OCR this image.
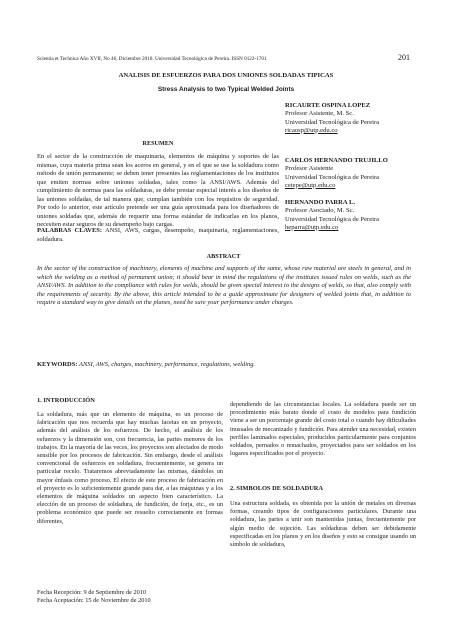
Scientia et Technica Año XVII, No 46, Diciembre 2010. Universidad Tecnológica de Pereira. ISSN 0122-1701	201
ANALISIS DE ESFUERZOS PARA DOS UNIONES SOLDADAS TIPICAS
Stress Analysis to two Typical Welded Joints
RICAURTE OSPINA LOPEZ
Profesor Asistente, M. Sc.
Universidad Tecnológica de Pereira
ricaosp@utp.edu.co
CARLOS HERNANDO TRUJILLO
Profesor Asistente
Universidad Tecnológica de Pereira
cetepe@utp.edu.co
HERNANDO PARRA L.
Profesor Asociado, M. Sc.
Universidad Tecnológica de Pereira
heparra@utp.edu.co
RESUMEN
En el sector de la construcción de maquinaria, elementos de máquina y soportes de las mismas, cuya materia prima sean los aceros en general, y en el que se use la soldadura como método de unión permanente; se deben tener presentes las reglamentaciones de los institutos que emiten normas sobre uniones soldadas, tales como la ANSI/AWS. Además del cumplimiento de normas para las soldaduras, se debe prestar especial interés a los diseños de las uniones soldadas, de tal manera que, cumplan también con los requisitos de seguridad. Por todo lo anterior, este artículo pretende ser una guía aproximada para los diseñadores de uniones soldadas que, además de requerir una forma estándar de indicarlas en los planos, necesiten estar seguros de su desempeño bajo cargas.
PALABRAS CLAVES: ANSI, AWS, cargas, desempeño, maquinaria, reglamentaciones, soldadura.
ABSTRACT
In the sector of the construction of machinery, elements of machine and supports of the same, whose raw material are steels in general, and in which the welding as a method of permanent union; it should bear in mind the regulations of the institutes issued rules on welds, such as the ANSI/AWS. In addition to the compliance with rules for welds, should be given special interest to the designs of welds, so that, also comply with the requirements of security. By the above, this article intended to be a guide approximate for designers of welded joints that, in addition to require a standard way to give details on the planes, need be sure your performance under charges.
KEYWORDS: ANSI, AWS, charges, machinery, performance, regulations, welding.
1. INTRODUCCIÓN
La soldadura, más que un elemento de máquina, es un proceso de fabricación que nos recuerda que hay muchas facetas en un proyecto, además del análisis de los esfuerzos. De hecho, el análisis de los esfuerzos y la dimensión son, con frecuencia, las partes menores de los trabajos. En la mayoría de las veces, los proyectos son afectados de modo sensible por los procesos de fabricación. Sin embargo, desde el análisis convencional de esfuerzos en soldadura, frecuentemente, se genera un particular recelo. Trataremos abreviadamente las mismas, dándoles un mayor énfasis como proceso. El efecto de este proceso de fabricación en el proyecto es lo suficientemente grande para dar, a las máquinas y a los elementos de máquina soldados un aspecto bien característico. La elección de un proceso de soldadura, de fundición, de forja, etc., es un problema económico que puede ser resuelto correctamente en formas diferentes,
Fecha Recepción: 9 de Septiembre de 2010
Fecha Aceptación: 15 de Noviembre de 2010
dependiendo de las circunstancias locales. La soldadura puede ser un procedimiento más barato donde el costo de modelos para fundición viene a ser un porcentaje grande del costo total o cuando hay dificultades inusuales de mecanizado y fundición. Para atender una necesidad, existen perfiles laminados especiales, producidos particularmente para conjuntos soldados, pernados o remachados, proyectados para ser soldados en los lugares especificados por el proyecto.
2. SIMBOLOS DE SOLDADURA
Una estructura soldada, es obtenida por la unión de metales en diversas formas, creando tipos de configuraciones particulares. Durante una soldadura, las partes a unir son mantenidas juntas, frecuentemente por algún medio de sujeción. Las soldaduras deben ser debidamente especificadas en los planos y en los diseños y esto se consigue usando un símbolo de soldadura,
